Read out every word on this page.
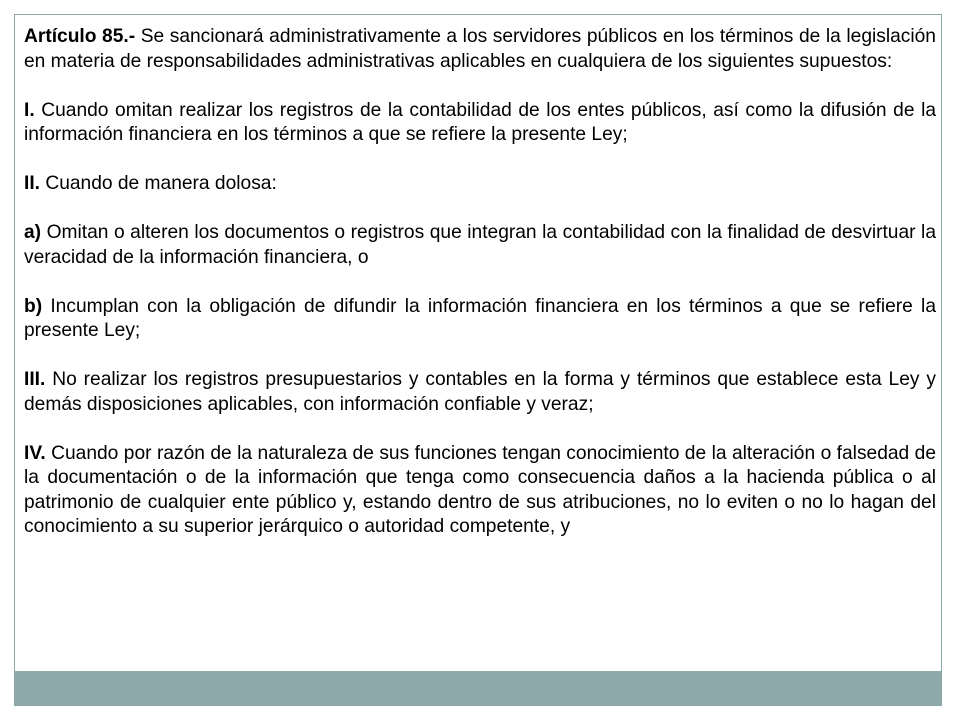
Artículo 85.- Se sancionará administrativamente a los servidores públicos en los términos de la legislación en materia de responsabilidades administrativas aplicables en cualquiera de los siguientes supuestos:

I. Cuando omitan realizar los registros de la contabilidad de los entes públicos, así como la difusión de la información financiera en los términos a que se refiere la presente Ley;

II. Cuando de manera dolosa:

a) Omitan o alteren los documentos o registros que integran la contabilidad con la finalidad de desvirtuar la veracidad de la información financiera, o

b) Incumplan con la obligación de difundir la información financiera en los términos a que se refiere la presente Ley;

III. No realizar los registros presupuestarios y contables en la forma y términos que establece esta Ley y demás disposiciones aplicables, con información confiable y veraz;

IV. Cuando por razón de la naturaleza de sus funciones tengan conocimiento de la alteración o falsedad de la documentación o de la información que tenga como consecuencia daños a la hacienda pública o al patrimonio de cualquier ente público y, estando dentro de sus atribuciones, no lo eviten o no lo hagan del conocimiento a su superior jerárquico o autoridad competente, y
